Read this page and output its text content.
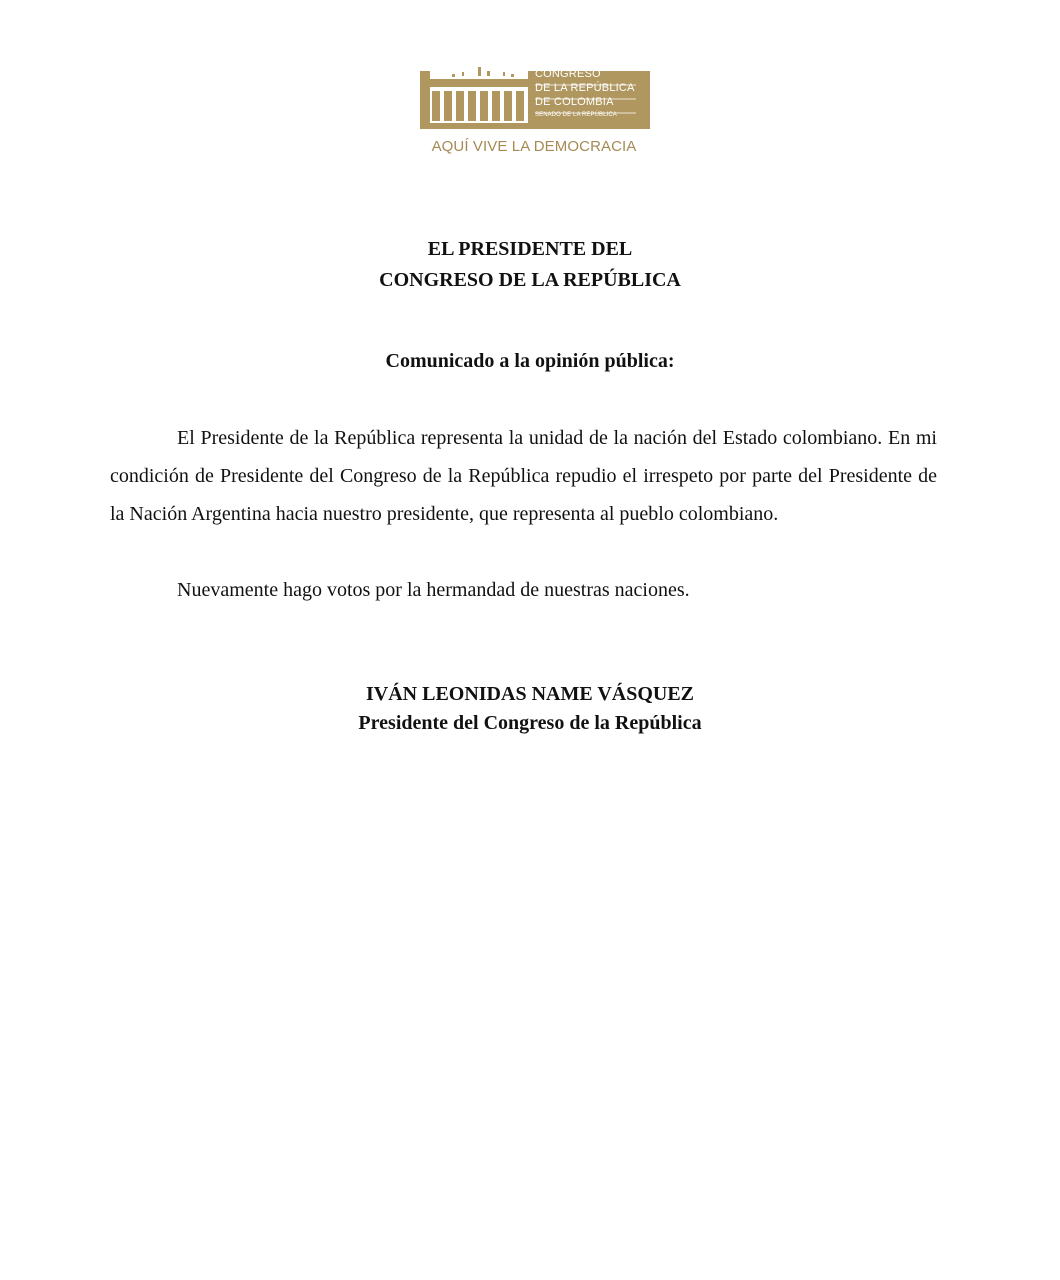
CONGRESO
DE LA REPÚBLICA
DE COLOMBIA
SENADO DE LA REPÚBLICA
AQUÍ VIVE LA DEMOCRACIA
EL PRESIDENTE DEL
CONGRESO DE LA REPÚBLICA
Comunicado a la opinión pública:

El Presidente de la República representa la unidad de la nación del Estado colombiano. En mi condición de Presidente del Congreso de la República repudio el irrespeto por parte del Presidente de la Nación Argentina hacia nuestro presidente, que representa al pueblo colombiano.

Nuevamente hago votos por la hermandad de nuestras naciones.

IVÁN LEONIDAS NAME VÁSQUEZ
Presidente del Congreso de la República
